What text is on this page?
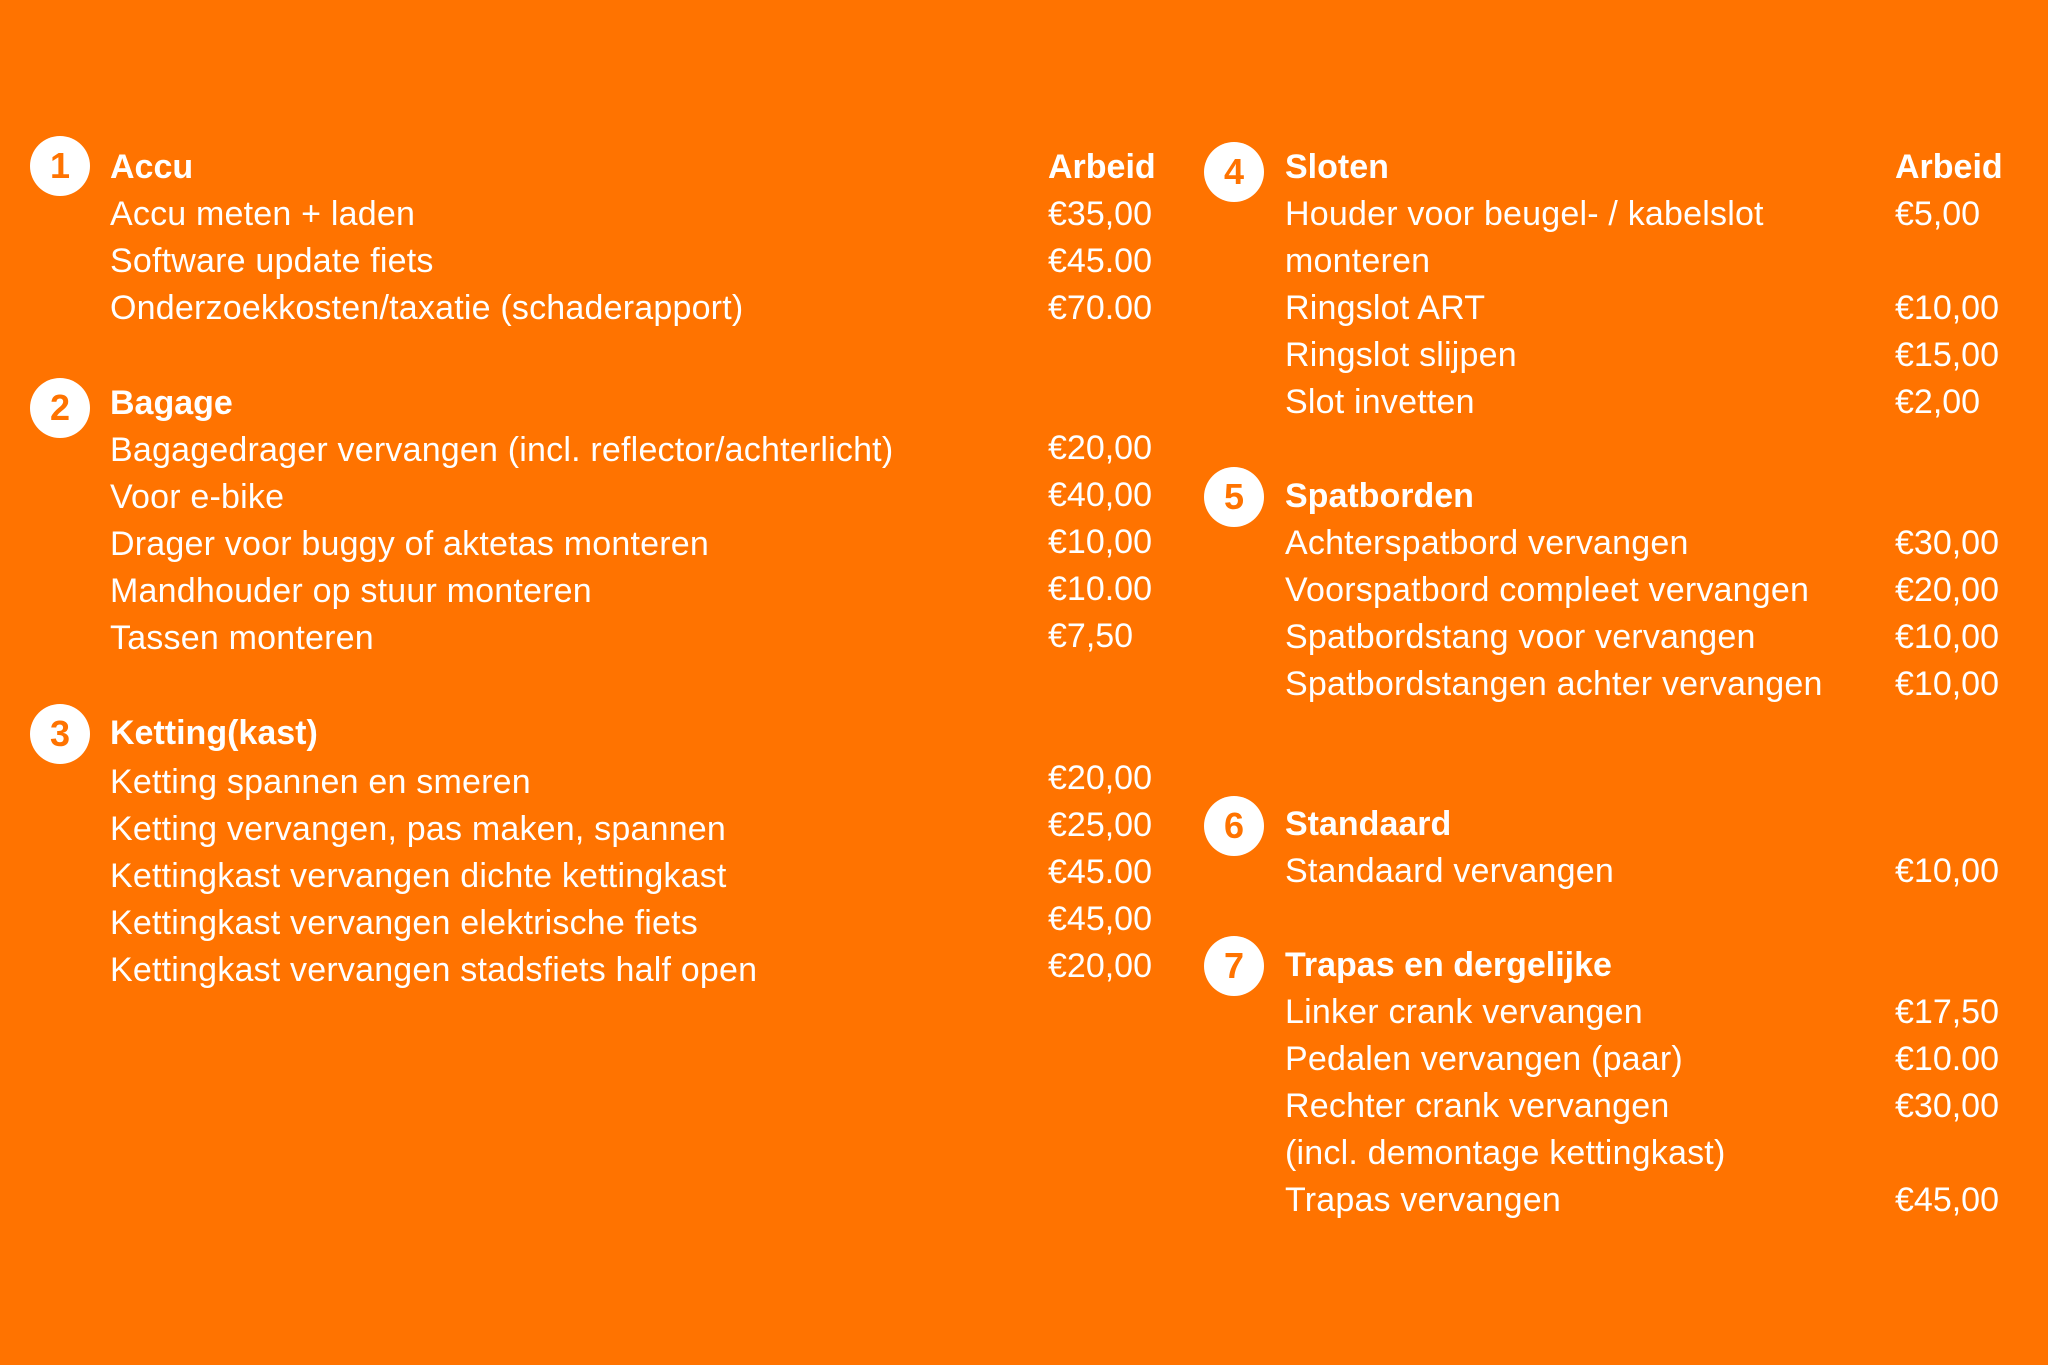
1	Accu	Arbeid
Accu meten + laden	€35,00
Software update fiets	€45.00
Onderzoekkosten/taxatie (schaderapport)	€70.00
2	Bagage
Bagagedrager vervangen (incl. reflector/achterlicht)	€20,00
Voor e-bike	€40,00
Drager voor buggy of aktetas monteren	€10,00
Mandhouder op stuur monteren	€10.00
Tassen monteren	€7,50
3	Ketting(kast)
Ketting spannen en smeren	€20,00
Ketting vervangen, pas maken, spannen	€25,00
Kettingkast vervangen dichte kettingkast	€45.00
Kettingkast vervangen elektrische fiets	€45,00
Kettingkast vervangen stadsfiets half open	€20,00
4	Sloten	Arbeid
Houder voor beugel- / kabelslot	€5,00
monteren
Ringslot ART	€10,00
Ringslot slijpen	€15,00
Slot invetten	€2,00
5	Spatborden
Achterspatbord vervangen	€30,00
Voorspatbord compleet vervangen	€20,00
Spatbordstang voor vervangen	€10,00
Spatbordstangen achter vervangen €10,00
6	Standaard
Standaard vervangen	€10,00
7	Trapas en dergelijke
Linker crank vervangen	€17,50
Pedalen vervangen (paar)	€10.00
Rechter crank vervangen	€30,00
(incl. demontage kettingkast)
Trapas vervangen	€45,00
